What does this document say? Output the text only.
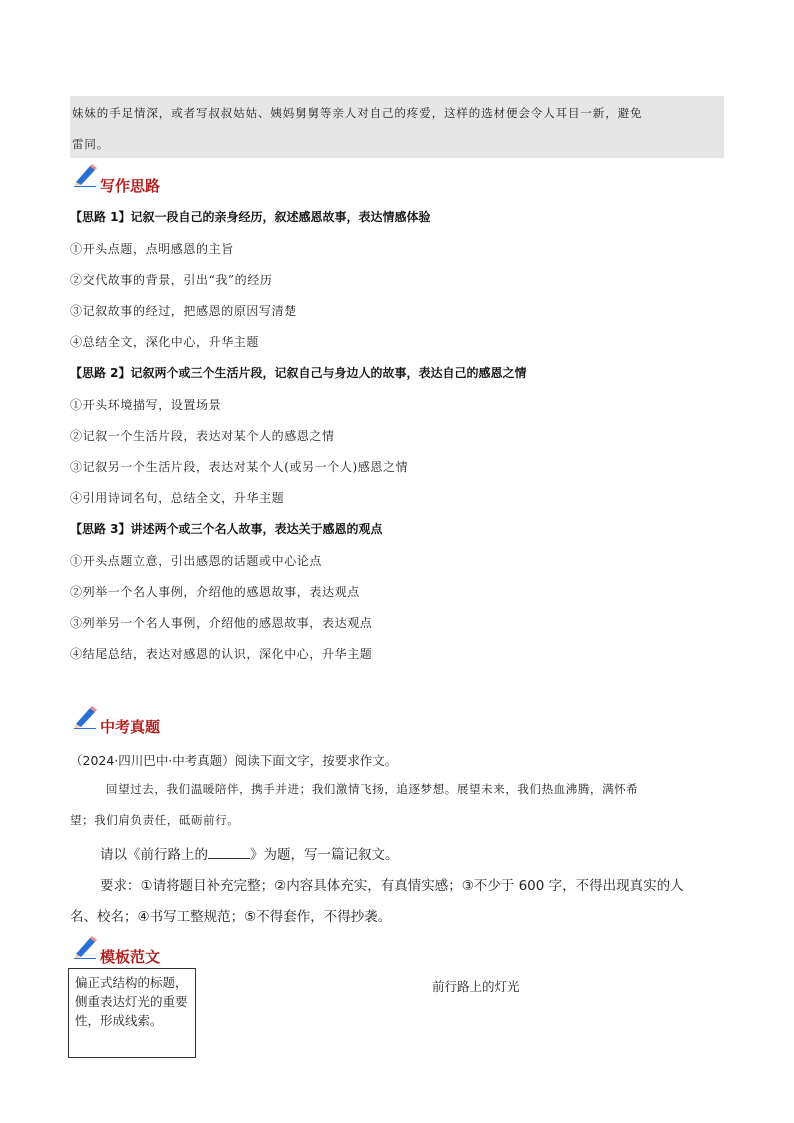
妹妹的手足情深，或者写叔叔姑姑、姨妈舅舅等亲人对自己的疼爱，这样的选材便会令人耳目一新，避免
雷同。
写作思路
【思路 1】记叙一段自己的亲身经历，叙述感恩故事，表达情感体验
①开头点题，点明感恩的主旨
②交代故事的背景，引出“我”的经历
③记叙故事的经过，把感恩的原因写清楚
④总结全文，深化中心，升华主题
【思路 2】记叙两个或三个生活片段，记叙自己与身边人的故事，表达自己的感恩之情
①开头环境描写，设置场景
②记叙一个生活片段，表达对某个人的感恩之情
③记叙另一个生活片段，表达对某个人(或另一个人)感恩之情
④引用诗词名句，总结全文，升华主题
【思路 3】讲述两个或三个名人故事，表达关于感恩的观点
①开头点题立意，引出感恩的话题或中心论点
②列举一个名人事例，介绍他的感恩故事，表达观点
③列举另一个名人事例，介绍他的感恩故事，表达观点
④结尾总结，表达对感恩的认识，深化中心，升华主题
中考真题
（2024·四川巴中·中考真题）阅读下面文字，按要求作文。
回望过去，我们温暖陪伴，携手并进；我们激情飞扬，追逐梦想。展望未来，我们热血沸腾，满怀希
望；我们肩负责任，砥砺前行。
请以《前行路上的	》为题，写一篇记叙文。
要求：①请将题目补充完整；②内容具体充实，有真情实感；③不少于 600 字，不得出现真实的人
名、校名；④书写工整规范；⑤不得套作，不得抄袭。
模板范文
偏正式结构的标题，侧重表达灯光的重要性，形成线索。
前行路上的灯光
